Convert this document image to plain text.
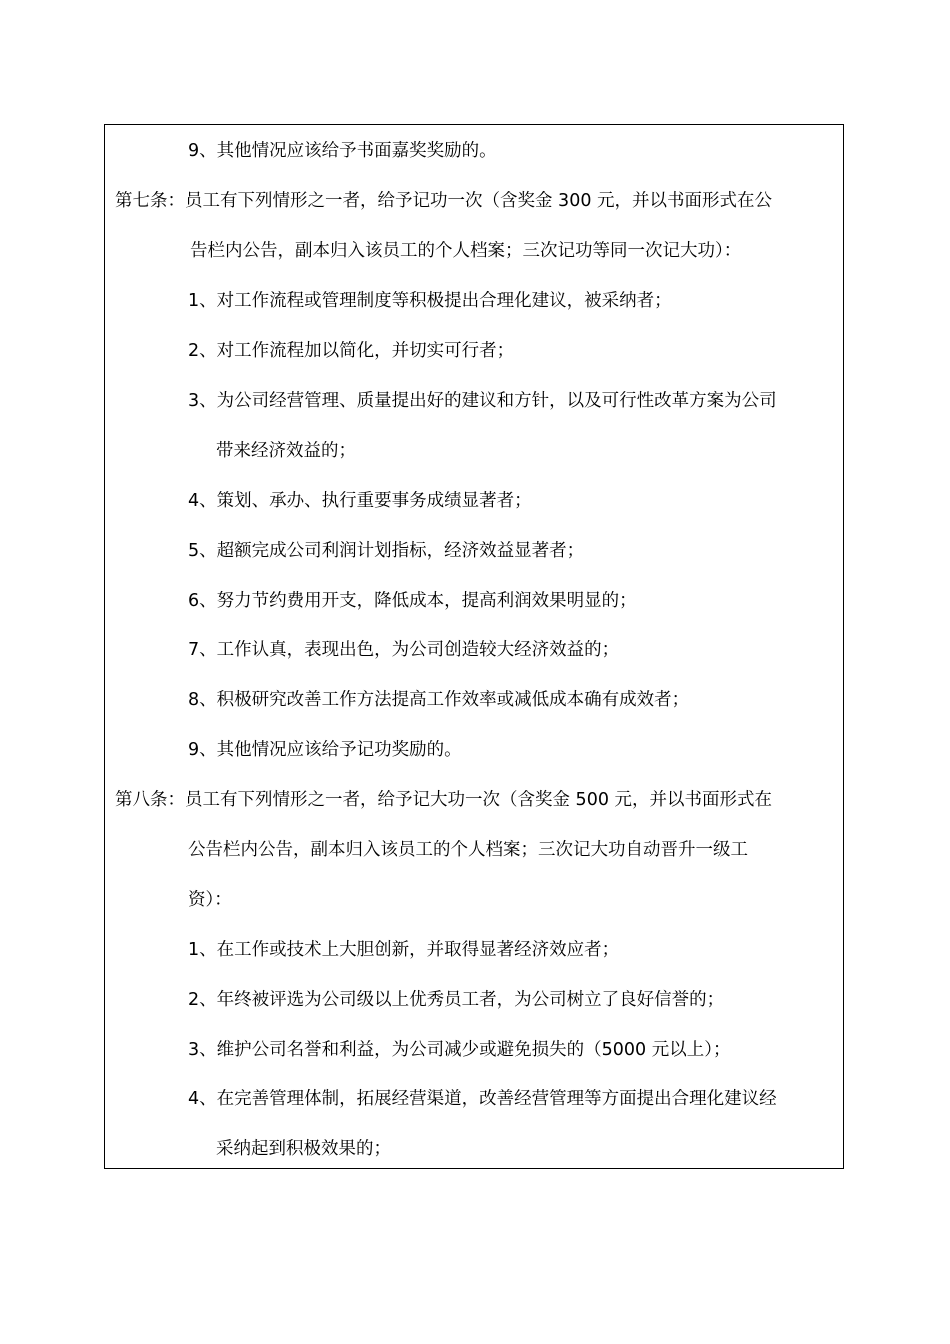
9、其他情况应该给予书面嘉奖奖励的。
第七条：员工有下列情形之一者，给予记功一次（含奖金 300 元，并以书面形式在公
告栏内公告，副本归入该员工的个人档案；三次记功等同一次记大功）：
1、对工作流程或管理制度等积极提出合理化建议，被采纳者；
2、对工作流程加以简化，并切实可行者；
3、为公司经营管理、质量提出好的建议和方针，以及可行性改革方案为公司
带来经济效益的；
4、策划、承办、执行重要事务成绩显著者；
5、超额完成公司利润计划指标，经济效益显著者；
6、努力节约费用开支，降低成本，提高利润效果明显的；
7、工作认真，表现出色，为公司创造较大经济效益的；
8、积极研究改善工作方法提高工作效率或减低成本确有成效者；
9、其他情况应该给予记功奖励的。
第八条：员工有下列情形之一者，给予记大功一次（含奖金 500 元，并以书面形式在
公告栏内公告，副本归入该员工的个人档案；三次记大功自动晋升一级工
资）：
1、在工作或技术上大胆创新，并取得显著经济效应者；
2、年终被评选为公司级以上优秀员工者，为公司树立了良好信誉的；
3、维护公司名誉和利益，为公司减少或避免损失的（5000 元以上）；
4、在完善管理体制，拓展经营渠道，改善经营管理等方面提出合理化建议经
采纳起到积极效果的；
